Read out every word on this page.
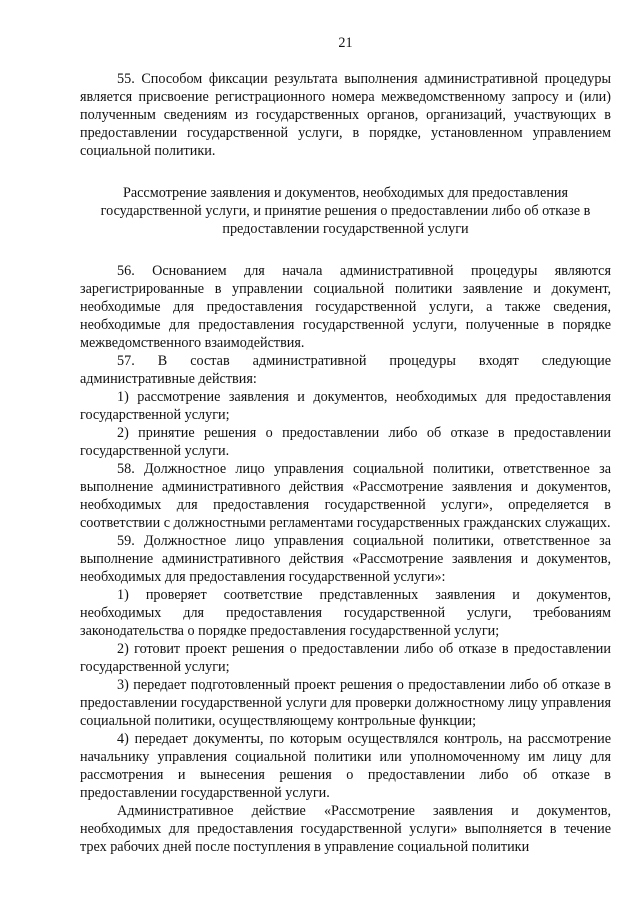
21

55. Способом фиксации результата выполнения административной процедуры является присвоение регистрационного номера межведомственному запросу и (или) полученным сведениям из государственных органов, организаций, участвующих в предоставлении государственной услуги, в порядке, установленном управлением социальной политики.

Рассмотрение заявления и документов, необходимых для предоставления государственной услуги, и принятие решения о предоставлении либо об отказе в предоставлении государственной услуги

56. Основанием для начала административной процедуры являются зарегистрированные в управлении социальной политики заявление и документ, необходимые для предоставления государственной услуги, а также сведения, необходимые для предоставления государственной услуги, полученные в порядке межведомственного взаимодействия.

57. В состав административной процедуры входят следующие административные действия:

1) рассмотрение заявления и документов, необходимых для предоставления государственной услуги;

2) принятие решения о предоставлении либо об отказе в предоставлении государственной услуги.

58. Должностное лицо управления социальной политики, ответственное за выполнение административного действия «Рассмотрение заявления и документов, необходимых для предоставления государственной услуги», определяется в соответствии с должностными регламентами государственных гражданских служащих.

59. Должностное лицо управления социальной политики, ответственное за выполнение административного действия «Рассмотрение заявления и документов, необходимых для предоставления государственной услуги»:

1) проверяет соответствие представленных заявления и документов, необходимых для предоставления государственной услуги, требованиям законодательства о порядке предоставления государственной услуги;

2) готовит проект решения о предоставлении либо об отказе в предоставлении государственной услуги;

3) передает подготовленный проект решения о предоставлении либо об отказе в предоставлении государственной услуги для проверки должностному лицу управления социальной политики, осуществляющему контрольные функции;

4) передает документы, по которым осуществлялся контроль, на рассмотрение начальнику управления социальной политики или уполномоченному им лицу для рассмотрения и вынесения решения о предоставлении либо об отказе в предоставлении государственной услуги.

Административное действие «Рассмотрение заявления и документов, необходимых для предоставления государственной услуги» выполняется в течение трех рабочих дней после поступления в управление социальной политики
